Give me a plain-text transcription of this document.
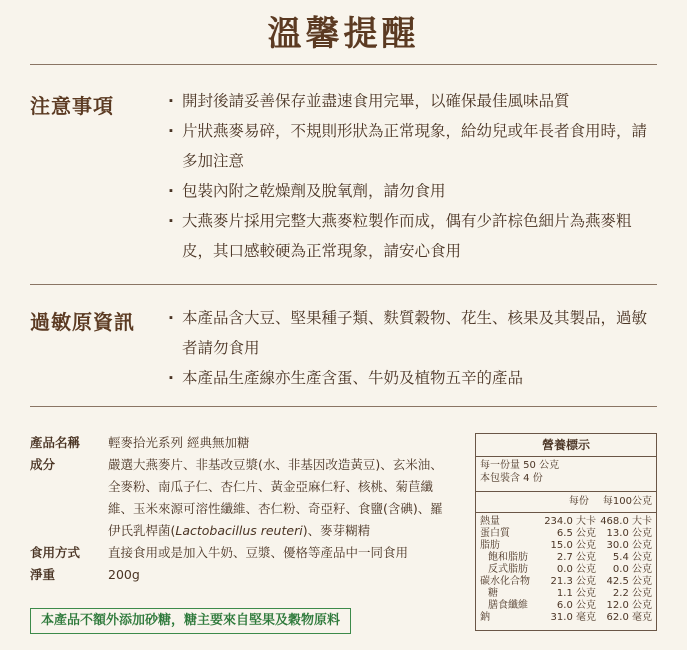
溫馨提醒
注意事項	· 開封後請妥善保存並盡速食用完畢，以確保最佳風味品質
· 片狀燕麥易碎，不規則形狀為正常現象，給幼兒或年長者食用時，請多加注意
· 包裝內附之乾燥劑及脫氧劑，請勿食用
· 大燕麥片採用完整大燕麥粒製作而成，偶有少許棕色細片為燕麥粗皮，其口感較硬為正常現象，請安心食用
過敏原資訊	· 本產品含大豆、堅果種子類、麩質穀物、花生、核果及其製品，過敏者請勿食用
· 本產品生產線亦生產含蛋、牛奶及植物五辛的產品
產品名稱	輕麥拾光系列 經典無加糖
成分	嚴選大燕麥片、非基改豆漿(水、非基因改造黃豆)、玄米油、全麥粉、南瓜子仁、杏仁片、黃金亞麻仁籽、核桃、菊苣纖維、玉米來源可溶性纖維、杏仁粉、奇亞籽、食鹽(含碘)、羅伊氏乳桿菌(Lactobacillus reuteri)、麥芽糊精
食用方式	直接食用或是加入牛奶、豆漿、優格等產品中一同食用
淨重	200g
本產品不額外添加砂糖，糖主要來自堅果及穀物原料
營養標示
每一份量 50 公克
本包裝含 4 份
每份 每100公克
熱量	234.0 大卡 468.0 大卡
蛋白質	6.5 公克	13.0 公克
脂肪	15.0 公克	30.0 公克
飽和脂肪	2.7 公克	5.4 公克
反式脂肪	0.0 公克	0.0 公克
碳水化合物	21.3 公克	42.5 公克
糖	1.1 公克	2.2 公克
膳食纖維	6.0 公克	12.0 公克
鈉	31.0 毫克	62.0 毫克
